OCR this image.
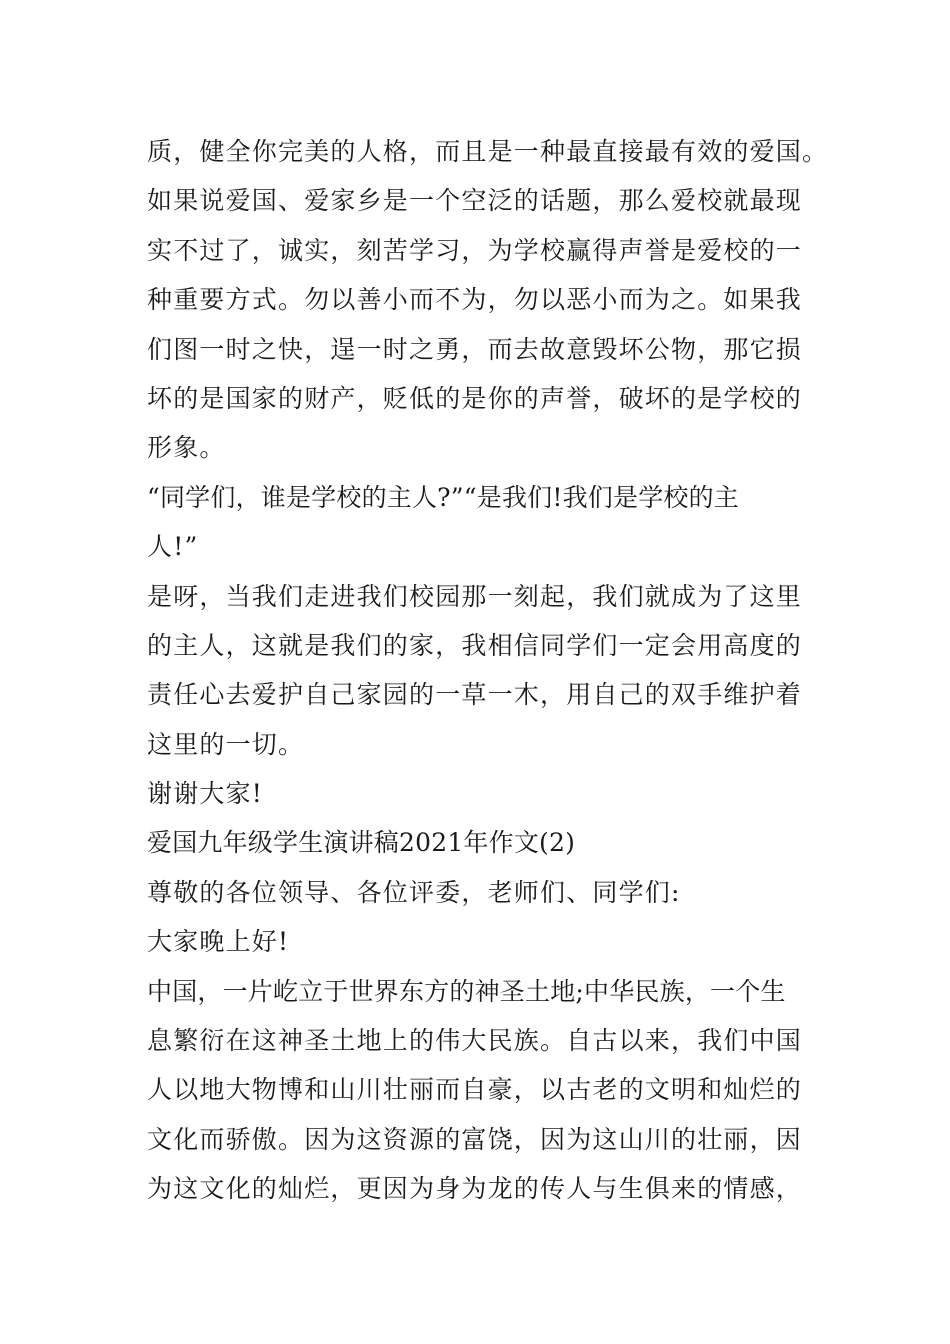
质，健全你完美的人格，而且是一种最直接最有效的爱国。
如果说爱国、爱家乡是一个空泛的话题，那么爱校就最现
实不过了，诚实，刻苦学习，为学校赢得声誉是爱校的一
种重要方式。勿以善小而不为，勿以恶小而为之。如果我
们图一时之快，逞一时之勇，而去故意毁坏公物，那它损
坏的是国家的财产，贬低的是你的声誉，破坏的是学校的
形象。
“同学们，谁是学校的主人?”“是我们!我们是学校的主
人!”
是呀，当我们走进我们校园那一刻起，我们就成为了这里
的主人，这就是我们的家，我相信同学们一定会用高度的
责任心去爱护自己家园的一草一木，用自己的双手维护着
这里的一切。
谢谢大家!
爱国九年级学生演讲稿2021年作文(2)
尊敬的各位领导、各位评委，老师们、同学们:
大家晚上好!
中国，一片屹立于世界东方的神圣土地;中华民族，一个生
息繁衍在这神圣土地上的伟大民族。自古以来，我们中国
人以地大物博和山川壮丽而自豪，以古老的文明和灿烂的
文化而骄傲。因为这资源的富饶，因为这山川的壮丽，因
为这文化的灿烂，更因为身为龙的传人与生俱来的情感，
